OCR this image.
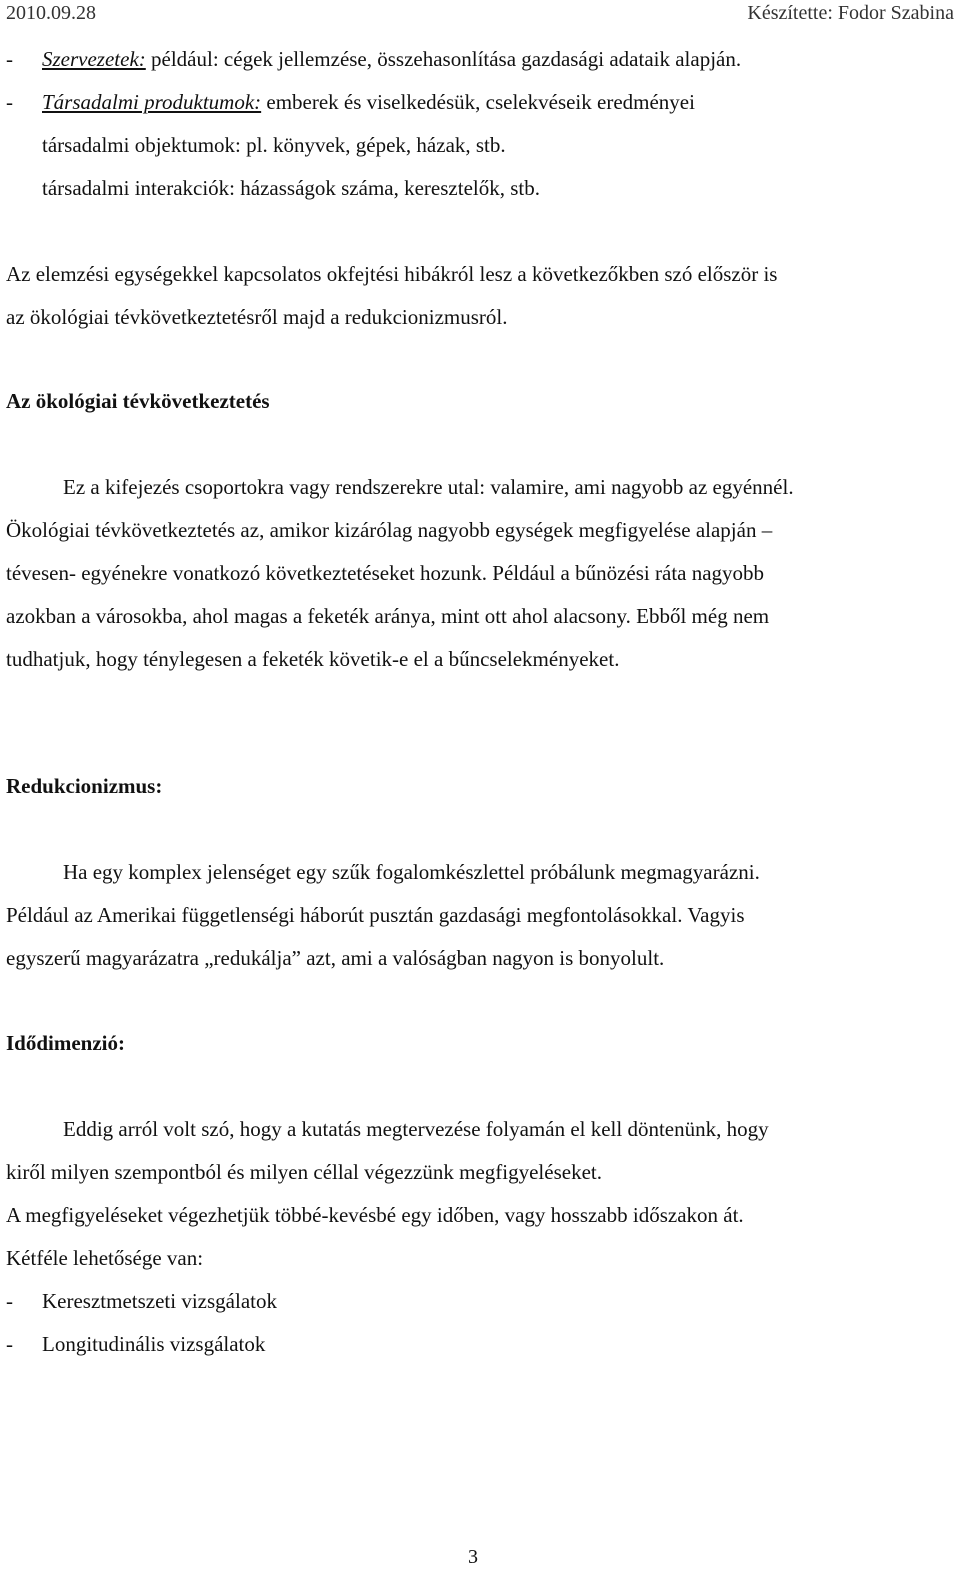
2010.09.28	Készítette: Fodor Szabina
- Szervezetek: például: cégek jellemzése, összehasonlítása gazdasági adataik alapján.
- Társadalmi produktumok: emberek és viselkedésük, cselekvéseik eredményei
társadalmi objektumok: pl. könyvek, gépek, házak, stb.
társadalmi interakciók: házasságok száma, keresztelők, stb.
Az elemzési egységekkel kapcsolatos okfejtési hibákról lesz a következőkben szó először is
az ökológiai tévkövetkeztetésről majd a redukcionizmusról.
Az ökológiai tévkövetkeztetés
Ez a kifejezés csoportokra vagy rendszerekre utal: valamire, ami nagyobb az egyénnél.
Ökológiai tévkövetkeztetés az, amikor kizárólag nagyobb egységek megfigyelése alapján –
tévesen- egyénekre vonatkozó következtetéseket hozunk. Például a bűnözési ráta nagyobb
azokban a városokba, ahol magas a feketék aránya, mint ott ahol alacsony. Ebből még nem
tudhatjuk, hogy ténylegesen a feketék követik-e el a bűncselekményeket.
Redukcionizmus:
Ha egy komplex jelenséget egy szűk fogalomkészlettel próbálunk megmagyarázni.
Például az Amerikai függetlenségi háborút pusztán gazdasági megfontolásokkal. Vagyis
egyszerű magyarázatra „redukálja” azt, ami a valóságban nagyon is bonyolult.
Idődimenzió:
Eddig arról volt szó, hogy a kutatás megtervezése folyamán el kell döntenünk, hogy
kiről milyen szempontból és milyen céllal végezzünk megfigyeléseket.
A megfigyeléseket végezhetjük többé-kevésbé egy időben, vagy hosszabb időszakon át.
Kétféle lehetősége van:
- Keresztmetszeti vizsgálatok
- Longitudinális vizsgálatok
3
